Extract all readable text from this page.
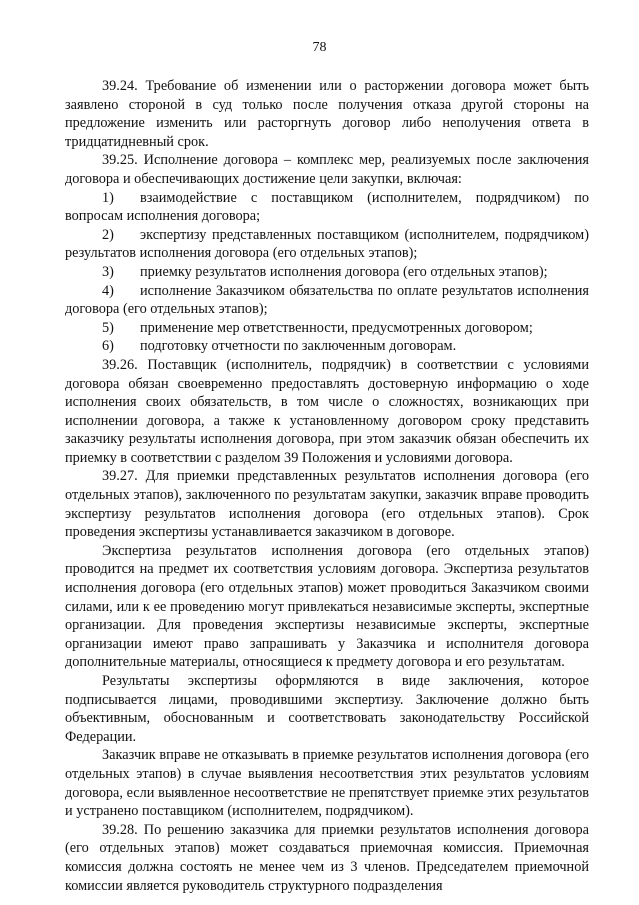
78

39.24. Требование об изменении или о расторжении договора может быть заявлено стороной в суд только после получения отказа другой стороны на предложение изменить или расторгнуть договор либо неполучения ответа в тридцатидневный срок.

39.25. Исполнение договора – комплекс мер, реализуемых после заключения договора и обеспечивающих достижение цели закупки, включая:

1) взаимодействие с поставщиком (исполнителем, подрядчиком) по вопросам исполнения договора;

2) экспертизу представленных поставщиком (исполнителем, подрядчиком) результатов исполнения договора (его отдельных этапов);

3)	приемку результатов исполнения договора (его отдельных этапов);

4) исполнение Заказчиком обязательства по оплате результатов исполнения договора (его отдельных этапов);

5)	применение мер ответственности, предусмотренных договором;

6)	подготовку отчетности по заключенным договорам.

39.26. Поставщик (исполнитель, подрядчик) в соответствии с условиями договора обязан своевременно предоставлять достоверную информацию о ходе исполнения своих обязательств, в том числе о сложностях, возникающих при исполнении договора, а также к установленному договором сроку представить заказчику результаты исполнения договора, при этом заказчик обязан обеспечить их приемку в соответствии с разделом 39 Положения и условиями договора.

39.27. Для приемки представленных результатов исполнения договора (его отдельных этапов), заключенного по результатам закупки, заказчик вправе проводить экспертизу результатов исполнения договора (его отдельных этапов). Срок проведения экспертизы устанавливается заказчиком в договоре.

Экспертиза результатов исполнения договора (его отдельных этапов) проводится на предмет их соответствия условиям договора. Экспертиза результатов исполнения договора (его отдельных этапов) может проводиться Заказчиком своими силами, или к ее проведению могут привлекаться независимые эксперты, экспертные организации. Для проведения экспертизы независимые эксперты, экспертные организации имеют право запрашивать у Заказчика и исполнителя договора дополнительные материалы, относящиеся к предмету договора и его результатам.

Результаты экспертизы оформляются в виде заключения, которое подписывается лицами, проводившими экспертизу. Заключение должно быть объективным, обоснованным и соответствовать законодательству Российской Федерации.

Заказчик вправе не отказывать в приемке результатов исполнения договора (его отдельных этапов) в случае выявления несоответствия этих результатов условиям договора, если выявленное несоответствие не препятствует приемке этих результатов и устранено поставщиком (исполнителем, подрядчиком).

39.28. По решению заказчика для приемки результатов исполнения договора (его отдельных этапов) может создаваться приемочная комиссия. Приемочная комиссия должна состоять не менее чем из 3 членов. Председателем приемочной комиссии является руководитель структурного подразделения
